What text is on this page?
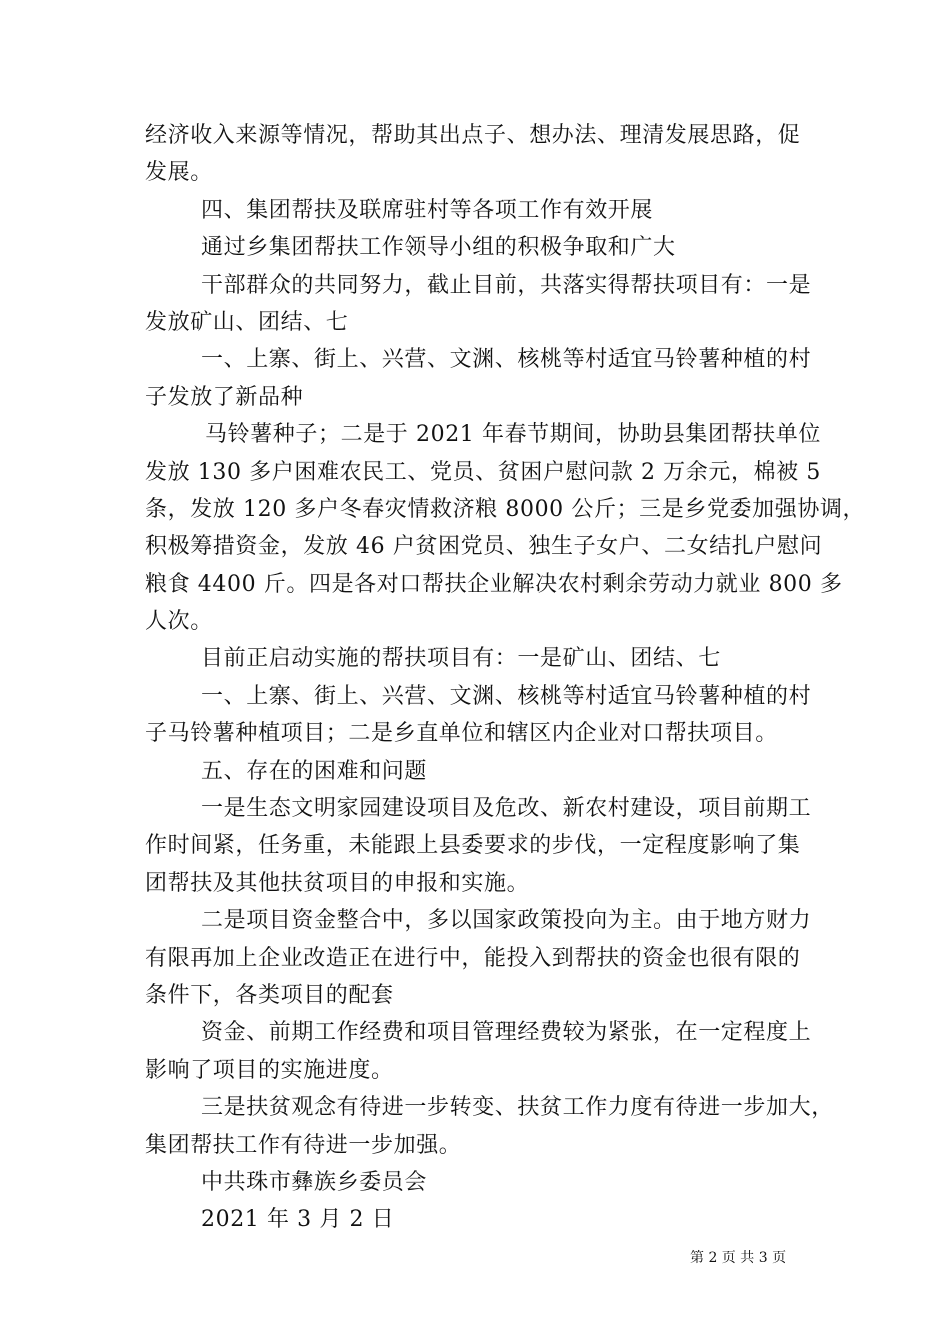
经济收入来源等情况，帮助其出点子、想办法、理清发展思路，促
发展。
四、集团帮扶及联席驻村等各项工作有效开展
通过乡集团帮扶工作领导小组的积极争取和广大
干部群众的共同努力，截止目前，共落实得帮扶项目有：一是
发放矿山、团结、七
一、上寨、街上、兴营、文渊、核桃等村适宜马铃薯种植的村
子发放了新品种
马铃薯种子；二是于 2021 年春节期间，协助县集团帮扶单位
发放 130 多户困难农民工、党员、贫困户慰问款 2 万余元，棉被 5
条，发放 120 多户冬春灾情救济粮 8000 公斤；三是乡党委加强协调，
积极筹措资金，发放 46 户贫困党员、独生子女户、二女结扎户慰问
粮食 4400 斤。四是各对口帮扶企业解决农村剩余劳动力就业 800 多
人次。
目前正启动实施的帮扶项目有：一是矿山、团结、七
一、上寨、街上、兴营、文渊、核桃等村适宜马铃薯种植的村
子马铃薯种植项目；二是乡直单位和辖区内企业对口帮扶项目。
五、存在的困难和问题
一是生态文明家园建设项目及危改、新农村建设，项目前期工
作时间紧，任务重，未能跟上县委要求的步伐，一定程度影响了集
团帮扶及其他扶贫项目的申报和实施。
二是项目资金整合中，多以国家政策投向为主。由于地方财力
有限再加上企业改造正在进行中，能投入到帮扶的资金也很有限的
条件下，各类项目的配套
资金、前期工作经费和项目管理经费较为紧张，在一定程度上
影响了项目的实施进度。
三是扶贫观念有待进一步转变、扶贫工作力度有待进一步加大，
集团帮扶工作有待进一步加强。
中共珠市彝族乡委员会
2021 年 3 月 2 日
第 2 页 共 3 页
